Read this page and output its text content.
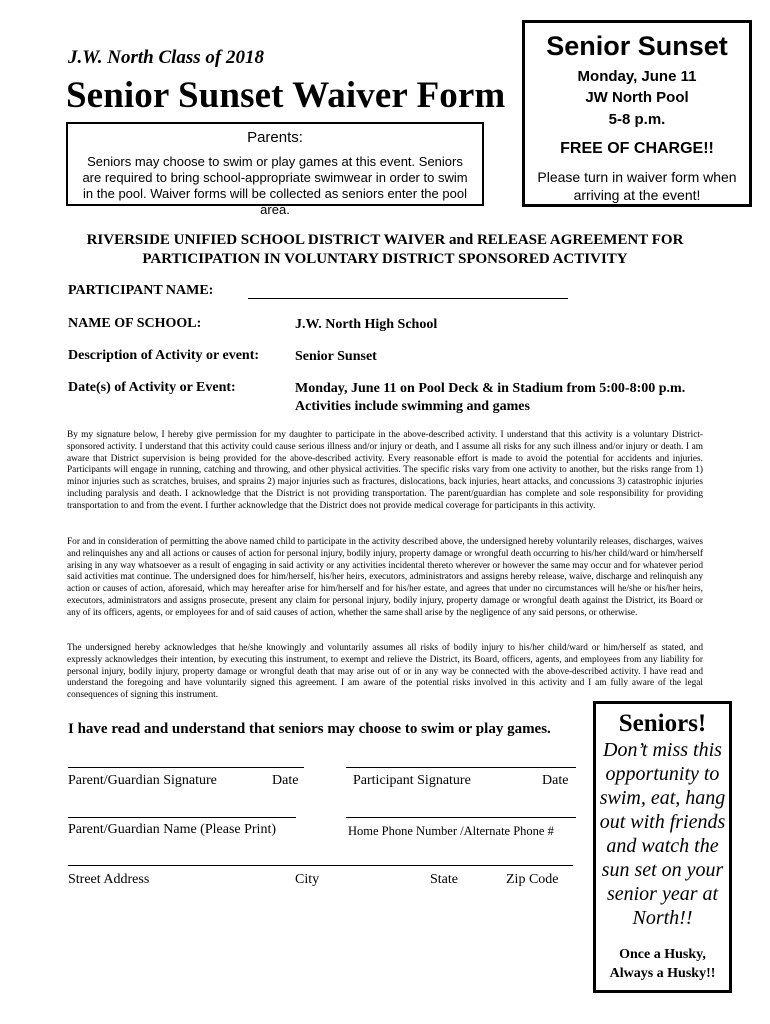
J.W. North Class of 2018
Senior Sunset Waiver Form
Parents:
Seniors may choose to swim or play games at this event. Seniors are required to bring school-appropriate swimwear in order to swim in the pool. Waiver forms will be collected as seniors enter the pool area.
Senior Sunset
Monday, June 11
JW North Pool
5-8 p.m.
FREE OF CHARGE!!
Please turn in waiver form when arriving at the event!
RIVERSIDE UNIFIED SCHOOL DISTRICT WAIVER and RELEASE AGREEMENT FOR
PARTICIPATION IN VOLUNTARY DISTRICT SPONSORED ACTIVITY
PARTICIPANT NAME:
NAME OF SCHOOL:	J.W. North High School
Description of Activity or event:	Senior Sunset
Date(s) of Activity or Event:	Monday, June 11 on Pool Deck & in Stadium from 5:00-8:00 p.m.
Activities include swimming and games
By my signature below, I hereby give permission for my daughter to participate in the above-described activity. I understand that this activity is a voluntary District-sponsored activity. I understand that this activity could cause serious illness and/or injury or death, and I assume all risks for any such illness and/or injury or death. I am aware that District supervision is being provided for the above-described activity. Every reasonable effort is made to avoid the potential for accidents and injuries. Participants will engage in running, catching and throwing, and other physical activities. The specific risks vary from one activity to another, but the risks range from 1) minor injuries such as scratches, bruises, and sprains 2) major injuries such as fractures, dislocations, back injuries, heart attacks, and concussions 3) catastrophic injuries including paralysis and death. I acknowledge that the District is not providing transportation. The parent/guardian has complete and sole responsibility for providing transportation to and from the event. I further acknowledge that the District does not provide medical coverage for participants in this activity.
For and in consideration of permitting the above named child to participate in the activity described above, the undersigned hereby voluntarily releases, discharges, waives and relinquishes any and all actions or causes of action for personal injury, bodily injury, property damage or wrongful death occurring to his/her child/ward or him/herself arising in any way whatsoever as a result of engaging in said activity or any activities incidental thereto wherever or however the same may occur and for whatever period said activities mat continue. The undersigned does for him/herself, his/her heirs, executors, administrators and assigns hereby release, waive, discharge and relinquish any action or causes of action, aforesaid, which may hereafter arise for him/herself and for his/her estate, and agrees that under no circumstances will he/she or his/her heirs, executors, administrators and assigns prosecute, present any claim for personal injury, bodily injury, property damage or wrongful death against the District, its Board or any of its officers, agents, or employees for and of said causes of action, whether the same shall arise by the negligence of any said persons, or otherwise.
The undersigned hereby acknowledges that he/she knowingly and voluntarily assumes all risks of bodily injury to his/her child/ward or him/herself as stated, and expressly acknowledges their intention, by executing this instrument, to exempt and relieve the District, its Board, officers, agents, and employees from any liability for personal injury, bodily injury, property damage or wrongful death that may arise out of or in any way be connected with the above-described activity. I have read and understand the foregoing and have voluntarily signed this agreement. I am aware of the potential risks involved in this activity and I am fully aware of the legal consequences of signing this instrument.
I have read and understand that seniors may choose to swim or play games.
Parent/Guardian Signature	Date	Participant Signature	Date
Parent/Guardian Name (Please Print)	Home Phone Number /Alternate Phone #
Street Address	City	State	Zip Code
Seniors!
Don’t miss this opportunity to swim, eat, hang out with friends and watch the sun set on your senior year at North!!
Once a Husky,
Always a Husky!!
